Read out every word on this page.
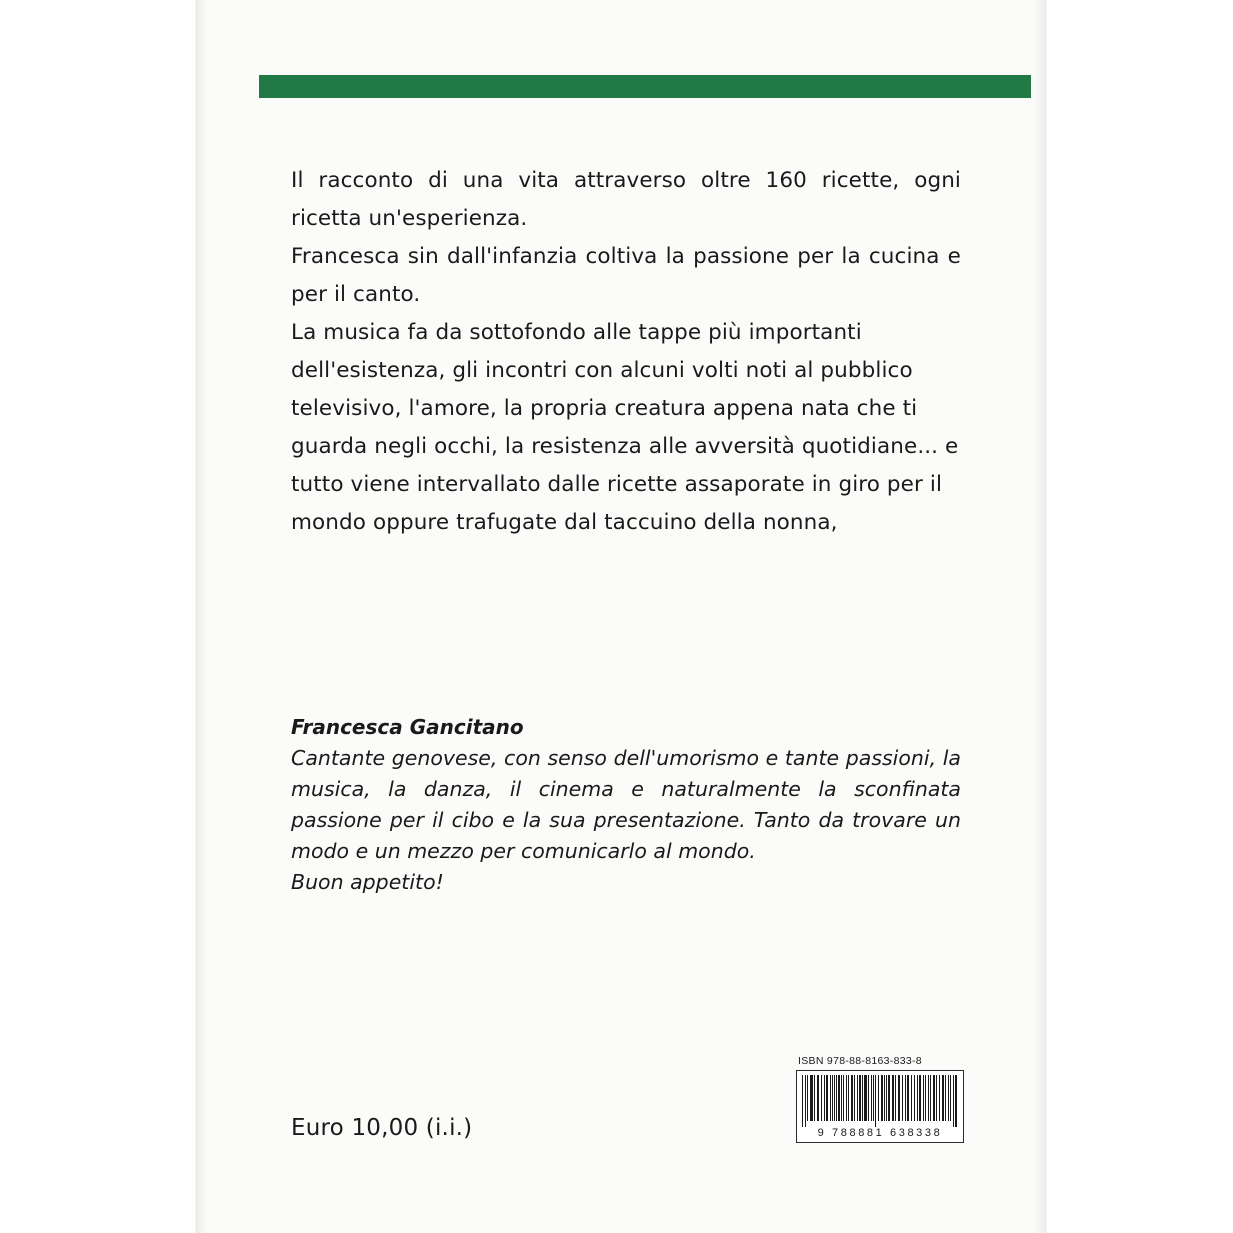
Il racconto di una vita attraverso oltre 160 ricette, ogni ricetta un'esperienza.

Francesca sin dall'infanzia coltiva la passione per la cucina e per il canto.

La musica fa da sottofondo alle tappe più importanti dell'esistenza, gli incontri con alcuni volti noti al pubblico televisivo, l'amore, la propria creatura appena nata che ti guarda negli occhi, la resistenza alle avversità quotidiane... e tutto viene intervallato dalle ricette assaporate in giro per il mondo oppure trafugate dal taccuino della nonna,

Francesca Gancitano

Cantante genovese, con senso dell'umorismo e tante passioni, la musica, la danza, il cinema e naturalmente la sconfinata passione per il cibo e la sua presentazione. Tanto da trovare un modo e un mezzo per comunicarlo al mondo.

Buon appetito!

Euro 10,00 (i.i.)
ISBN 978-88-8163-833-8
9 788881 638338
